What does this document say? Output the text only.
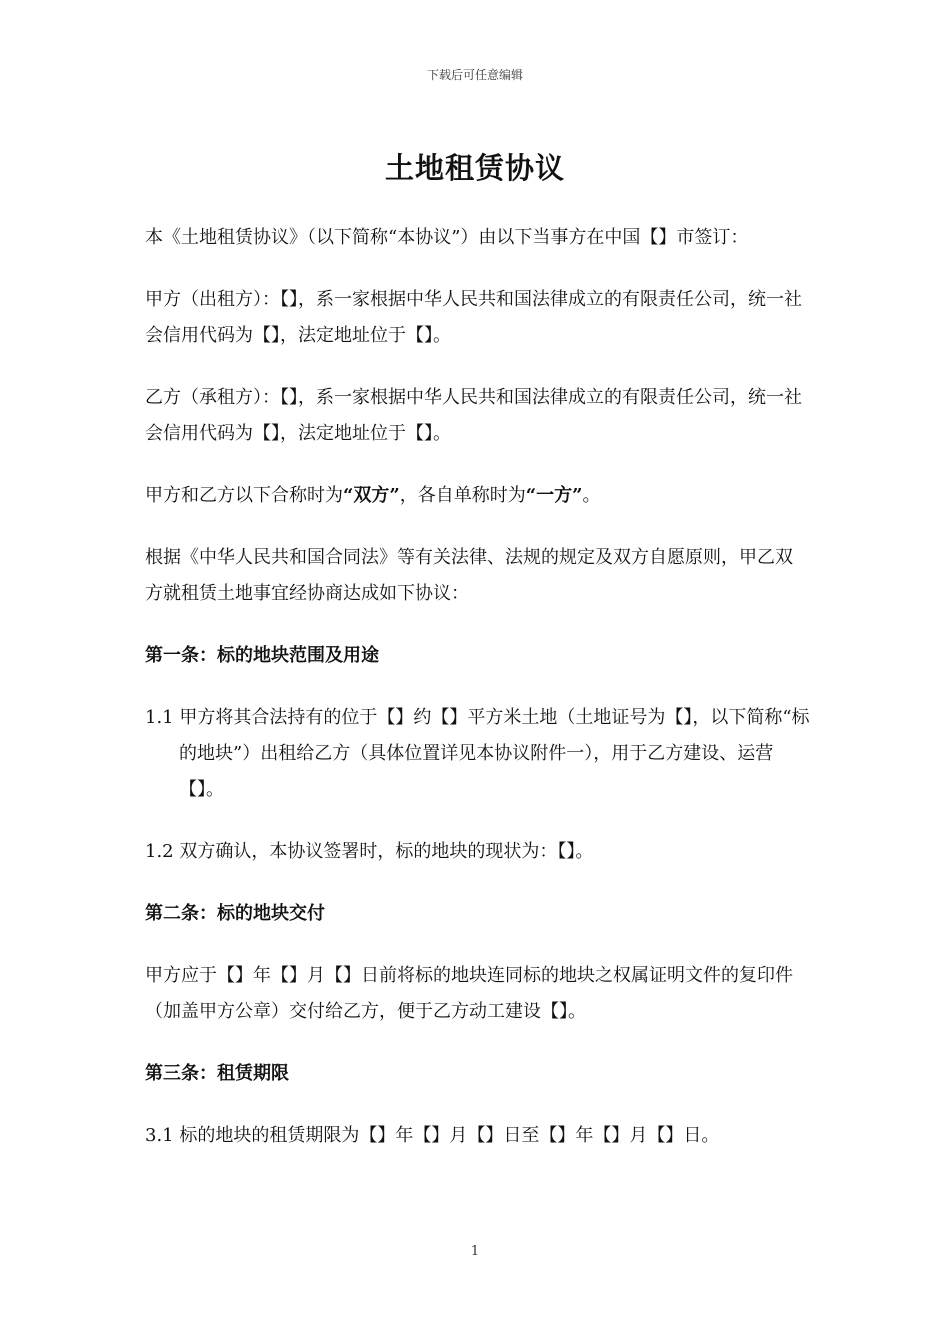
下载后可任意编辑
土地租赁协议

本《土地租赁协议》（以下简称“本协议”）由以下当事方在中国【】市签订：

甲方（出租方）：【】，系一家根据中华人民共和国法律成立的有限责任公司，统一社会信用代码为【】，法定地址位于【】。

乙方（承租方）：【】，系一家根据中华人民共和国法律成立的有限责任公司，统一社会信用代码为【】，法定地址位于【】。

甲方和乙方以下合称时为“双方”，各自单称时为“一方”。

根据《中华人民共和国合同法》等有关法律、法规的规定及双方自愿原则，甲乙双方就租赁土地事宜经协商达成如下协议：

第一条：标的地块范围及用途

1.1 甲方将其合法持有的位于【】约【】平方米土地（土地证号为【】，以下简称“标的地块”）出租给乙方（具体位置详见本协议附件一），用于乙方建设、运营【】。

1.2 双方确认，本协议签署时，标的地块的现状为：【】。

第二条：标的地块交付

甲方应于【】年【】月【】日前将标的地块连同标的地块之权属证明文件的复印件（加盖甲方公章）交付给乙方，便于乙方动工建设【】。

第三条：租赁期限

3.1 标的地块的租赁期限为【】年【】月【】日至【】年【】月【】日。

1
